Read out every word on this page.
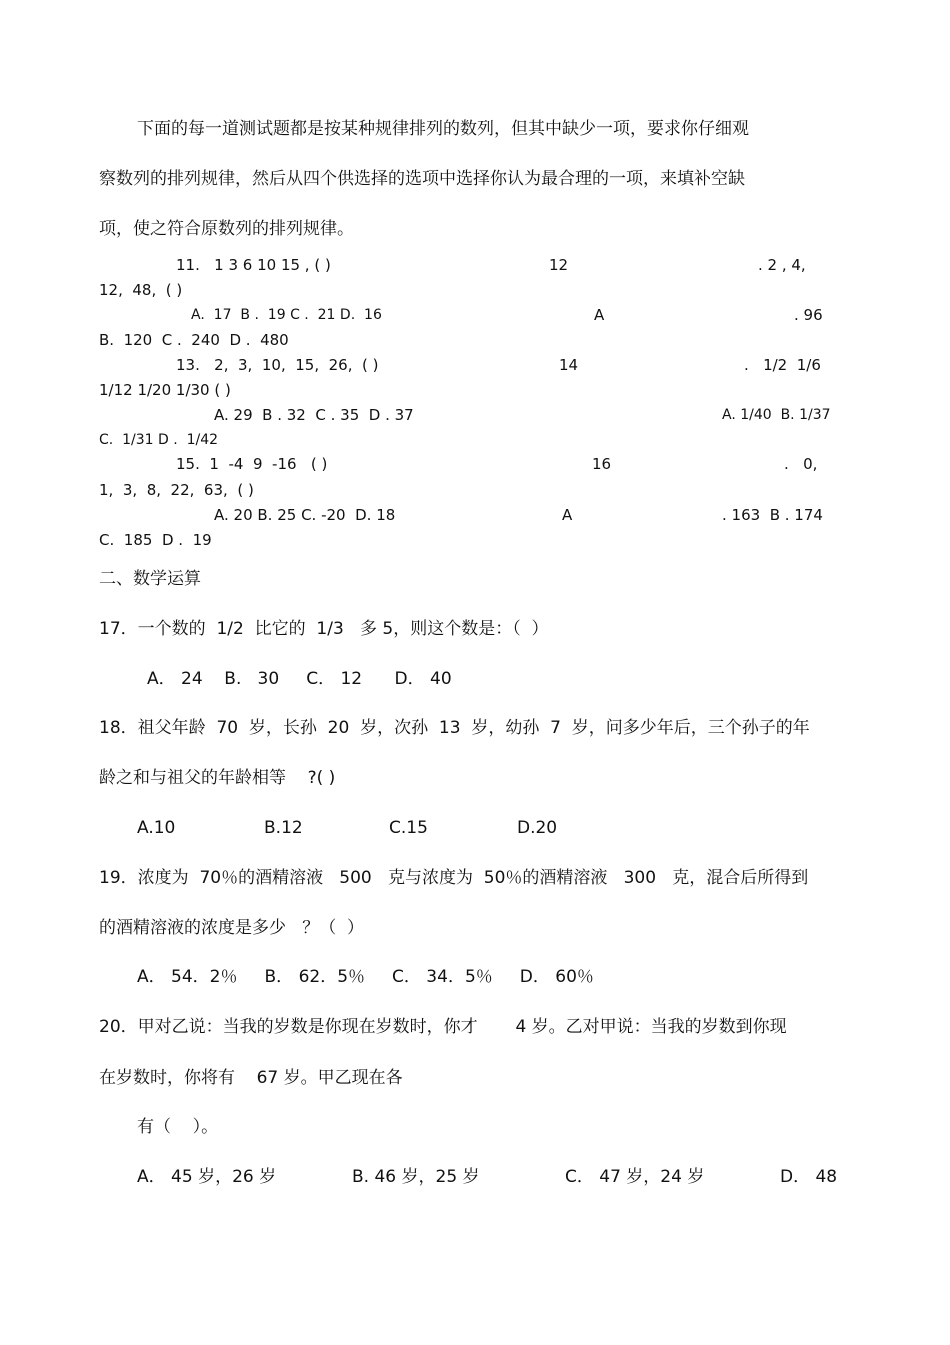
下面的每一道测试题都是按某种规律排列的数列，但其中缺少一项，要求你仔细观
察数列的排列规律，然后从四个供选择的选项中选择你认为最合理的一项，来填补空缺
项，使之符合原数列的排列规律。
11.   1 3 6 10 15 , ( )	12	. 2 , 4,
12,  48,  ( )
A.  17  B .  19 C .  21 D.  16	A	. 96
B.  120  C .  240  D .  480
13.   2,  3,  10,  15,  26,  ( )	14	.   1/2  1/6
1/12 1/20 1/30 ( )
A. 29  B . 32  C . 35  D . 37	A. 1/40  B. 1/37
C.  1/31 D .  1/42
15.  1  -4  9  -16   ( )	16	.   0,
1,  3,  8,  22,  63,  ( )
A. 20 B. 25 C. -20  D. 18	A	. 163  B . 174
C.  185  D .  19
二、数学运算
17．一个数的  1/2  比它的  1/3   多 5，则这个数是：（  ）
A． 24    B.   30     C． 12      D． 40
18．祖父年龄  70  岁，长孙  20  岁，次孙  13  岁，幼孙  7  岁，问多少年后，三个孙子的年
龄之和与祖父的年龄相等    ?( )
A.10	B.12	C.15	D.20
19．浓度为  70％的酒精溶液   500   克与浓度为  50％的酒精溶液   300   克，混合后所得到
的酒精溶液的浓度是多少   ？（  ）
A． 54．2％     B． 62．5％     C． 34．5％     D． 60％
20．甲对乙说：当我的岁数是你现在岁数时，你才       4 岁。乙对甲说：当我的岁数到你现
在岁数时，你将有    67 岁。甲乙现在各
有（    ）。
A． 45 岁，26 岁	B. 46 岁，25 岁	C． 47 岁，24 岁	D． 48
